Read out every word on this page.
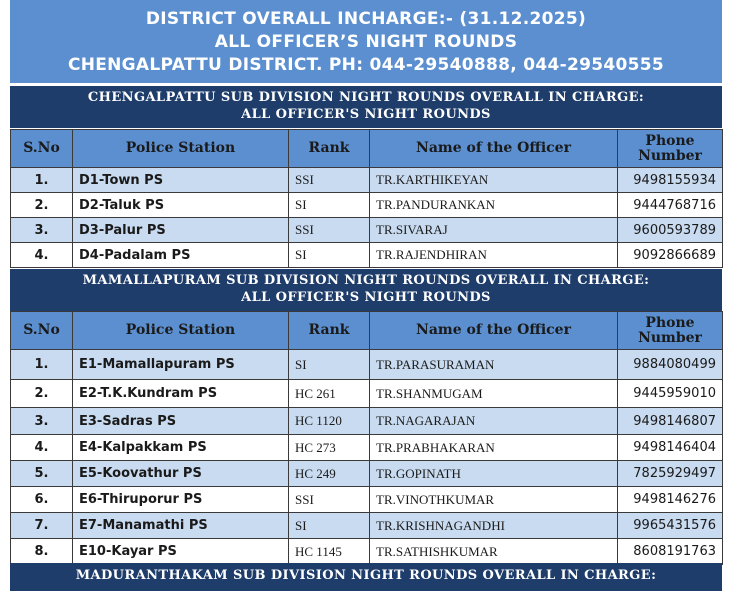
DISTRICT OVERALL INCHARGE:- (31.12.2025)
ALL OFFICER’S NIGHT ROUNDS
CHENGALPATTU DISTRICT. PH: 044-29540888, 044-29540555
CHENGALPATTU SUB DIVISION NIGHT ROUNDS OVERALL IN CHARGE:
ALL OFFICER'S NIGHT ROUNDS
S.No	Police Station	Rank	Name of the Officer	Phone Number
1.	D1-Town PS	SSI	TR.KARTHIKEYAN	9498155934
2.	D2-Taluk PS	SI	TR.PANDURANKAN	9444768716
3.	D3-Palur PS	SSI	TR.SIVARAJ	9600593789
4.	D4-Padalam PS	SI	TR.RAJENDHIRAN	9092866689
MAMALLAPURAM SUB DIVISION NIGHT ROUNDS OVERALL IN CHARGE:
ALL OFFICER'S NIGHT ROUNDS
S.No	Police Station	Rank	Name of the Officer	Phone Number
1.	E1-Mamallapuram PS	SI	TR.PARASURAMAN	9884080499
2.	E2-T.K.Kundram PS	HC 261	TR.SHANMUGAM	9445959010
3.	E3-Sadras PS	HC 1120	TR.NAGARAJAN	9498146807
4.	E4-Kalpakkam PS	HC 273	TR.PRABHAKARAN	9498146404
5.	E5-Koovathur PS	HC 249	TR.GOPINATH	7825929497
6.	E6-Thiruporur PS	SSI	TR.VINOTHKUMAR	9498146276
7.	E7-Manamathi PS	SI	TR.KRISHNAGANDHI	9965431576
8.	E10-Kayar PS	HC 1145	TR.SATHISHKUMAR	8608191763
MADURANTHAKAM SUB DIVISION NIGHT ROUNDS OVERALL IN CHARGE:
